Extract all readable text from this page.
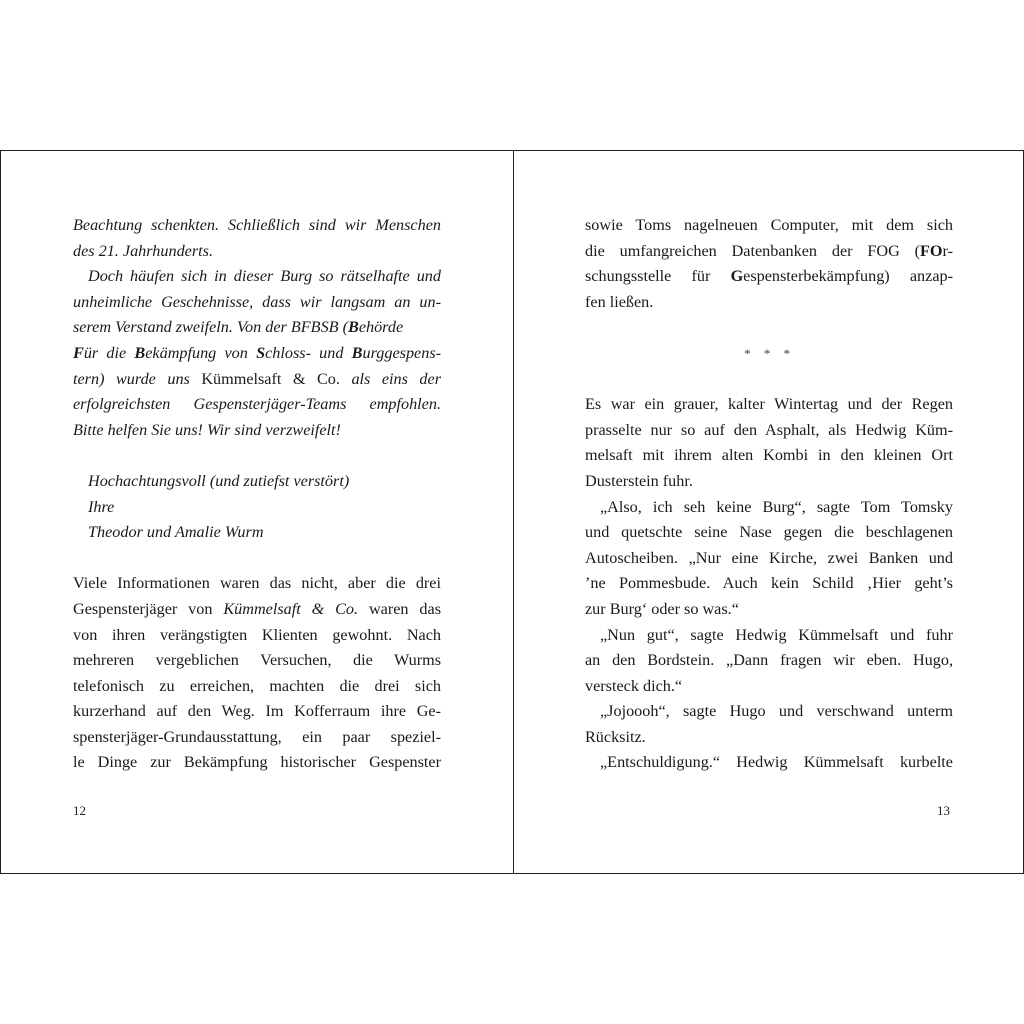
Beachtung schenkten. Schließlich sind wir Menschen
des 21. Jahrhunderts.
Doch häufen sich in dieser Burg so rätselhafte und
unheimliche Geschehnisse, dass wir langsam an un-
serem Verstand zweifeln. Von der BFBSB ( Behörde
Für die Bekämpfung von Schloss- und Burggespens-
tern) wurde uns Kümmelsaft & Co. als eins der
erfolgreichsten Gespensterjäger-Teams empfohlen.
Bitte helfen Sie uns! Wir sind verzweifelt!
Hochachtungsvoll (und zutiefst verstört)
Ihre
Theodor und Amalie Wurm
Viele Informationen waren das nicht, aber die drei
Gespensterjäger von Kümmelsaft & Co. waren das
von ihren verängstigten Klienten gewohnt. Nach
mehreren vergeblichen Versuchen, die Wurms
telefonisch zu erreichen, machten die drei sich
kurzerhand auf den Weg. Im Kofferraum ihre Ge-
spensterjäger-Grundausstattung, ein paar speziel-
le Dinge zur Bekämpfung historischer Gespenster
12
sowie Toms nagelneuen Computer, mit dem sich
die umfangreichen Datenbanken der FOG (FOr-
schungsstelle für Gespensterbekämpfung) anzap-
fen ließen.
* * *
Es war ein grauer, kalter Wintertag und der Regen
prasselte nur so auf den Asphalt, als Hedwig Küm-
melsaft mit ihrem alten Kombi in den kleinen Ort
Dusterstein fuhr.
„Also, ich seh keine Burg“, sagte Tom Tomsky
und quetschte seine Nase gegen die beschlagenen
Autoscheiben. „Nur eine Kirche, zwei Banken und
’ne Pommesbude. Auch kein Schild ‚Hier geht’s
zur Burg‘ oder so was.“
„Nun gut“, sagte Hedwig Kümmelsaft und fuhr
an den Bordstein. „Dann fragen wir eben. Hugo,
versteck dich.“
„Jojoooh“, sagte Hugo und verschwand unterm
Rücksitz.
„Entschuldigung.“ Hedwig Kümmelsaft kurbelte
13
